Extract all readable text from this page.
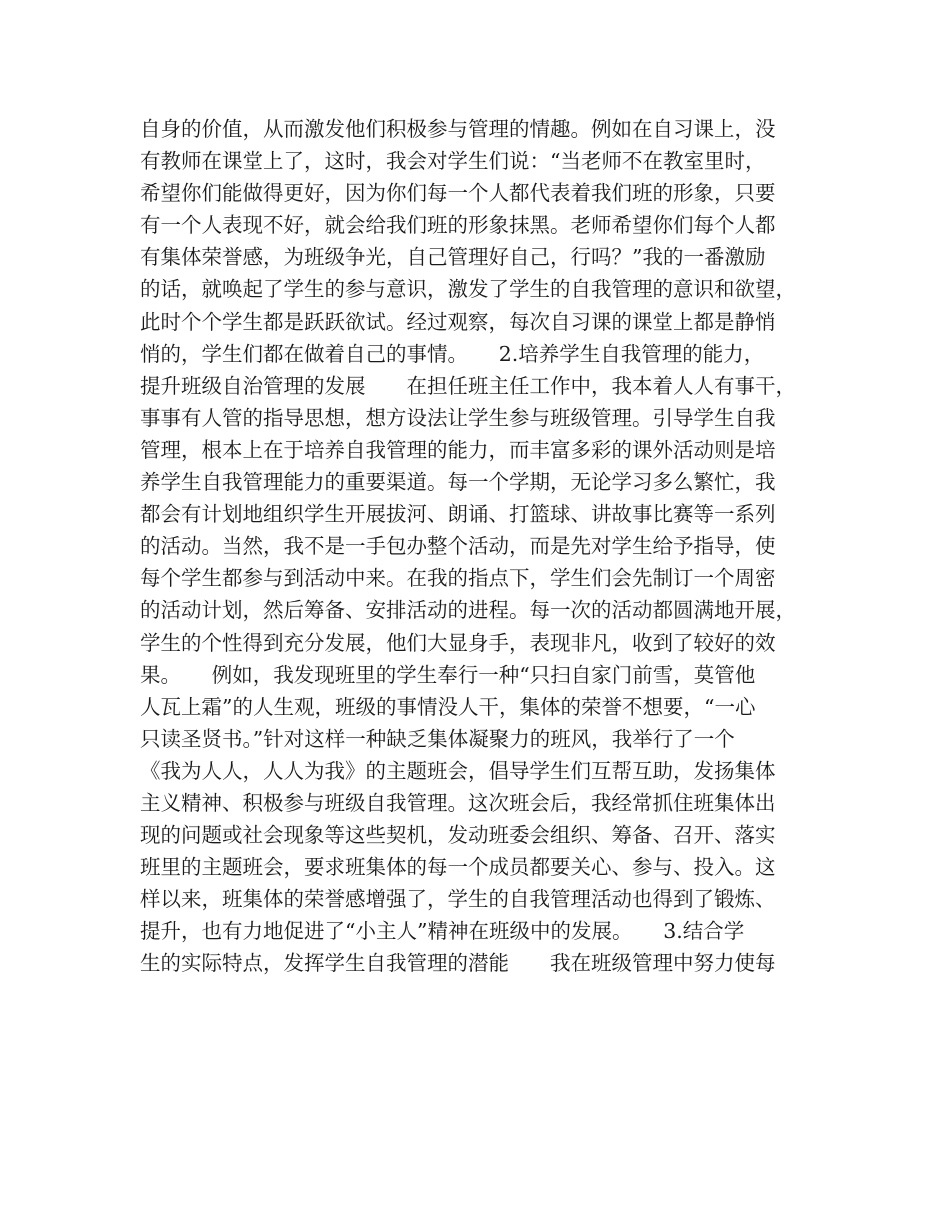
自身的价值，从而激发他们积极参与管理的情趣。例如在自习课上，没
有教师在课堂上了，这时，我会对学生们说：“当老师不在教室里时，
希望你们能做得更好，因为你们每一个人都代表着我们班的形象，只要
有一个人表现不好，就会给我们班的形象抹黑。老师希望你们每个人都
有集体荣誉感，为班级争光，自己管理好自己，行吗？”我的一番激励
的话，就唤起了学生的参与意识，激发了学生的自我管理的意识和欲望，
此时个个学生都是跃跃欲试。经过观察，每次自习课的课堂上都是静悄
悄的，学生们都在做着自己的事情。　　2.培养学生自我管理的能力，
提升班级自治管理的发展　　在担任班主任工作中，我本着人人有事干，
事事有人管的指导思想，想方设法让学生参与班级管理。引导学生自我
管理，根本上在于培养自我管理的能力，而丰富多彩的课外活动则是培
养学生自我管理能力的重要渠道。每一个学期，无论学习多么繁忙，我
都会有计划地组织学生开展拔河、朗诵、打篮球、讲故事比赛等一系列
的活动。当然，我不是一手包办整个活动，而是先对学生给予指导，使
每个学生都参与到活动中来。在我的指点下，学生们会先制订一个周密
的活动计划，然后筹备、安排活动的进程。每一次的活动都圆满地开展，
学生的个性得到充分发展，他们大显身手，表现非凡，收到了较好的效
果。　　例如，我发现班里的学生奉行一种“只扫自家门前雪，莫管他
人瓦上霜”的人生观，班级的事情没人干，集体的荣誉不想要，“一心
只读圣贤书。”针对这样一种缺乏集体凝聚力的班风，我举行了一个
《我为人人，人人为我》的主题班会，倡导学生们互帮互助，发扬集体
主义精神、积极参与班级自我管理。这次班会后，我经常抓住班集体出
现的问题或社会现象等这些契机，发动班委会组织、筹备、召开、落实
班里的主题班会，要求班集体的每一个成员都要关心、参与、投入。这
样以来，班集体的荣誉感增强了，学生的自我管理活动也得到了锻炼、
提升，也有力地促进了“小主人”精神在班级中的发展。　　3.结合学
生的实际特点，发挥学生自我管理的潜能　　我在班级管理中努力使每
